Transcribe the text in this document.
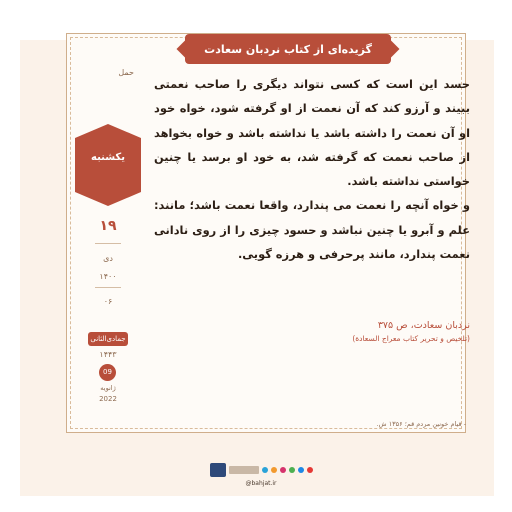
گزیده‌ای از کتاب نردبان سعادت
حمل
یکشنبه
۱۹
دی
۱۴۰۰
۰۶
جمادی‌الثانی
۱۴۴۳
09
ژانویه
2022

حسد این است که کسی نتواند دیگری را صاحب نعمتی ببیند و آرزو کند که آن نعمت از او گرفته شود، خواه خود او آن نعمت را داشته باشد یا نداشته باشد و خواه بخواهد از صاحب نعمت که گرفته شد، به خود او برسد یا چنین خواستی نداشته باشد.

و خواه آنچه را نعمت می پندارد، واقعا نعمت باشد؛ مانند: علم و آبرو یا چنین نباشد و حسود چیزی را از روی نادانی نعمت پندارد، مانند پرحرفی و هرزه گویی.

نردبان سعادت، ص ۳۷۵
(تلخیص و تحریر کتاب معراج السعادة)
- قیام خونین مردم قم؛ ۱۳۵۶ ش.
@bahjat.ir
